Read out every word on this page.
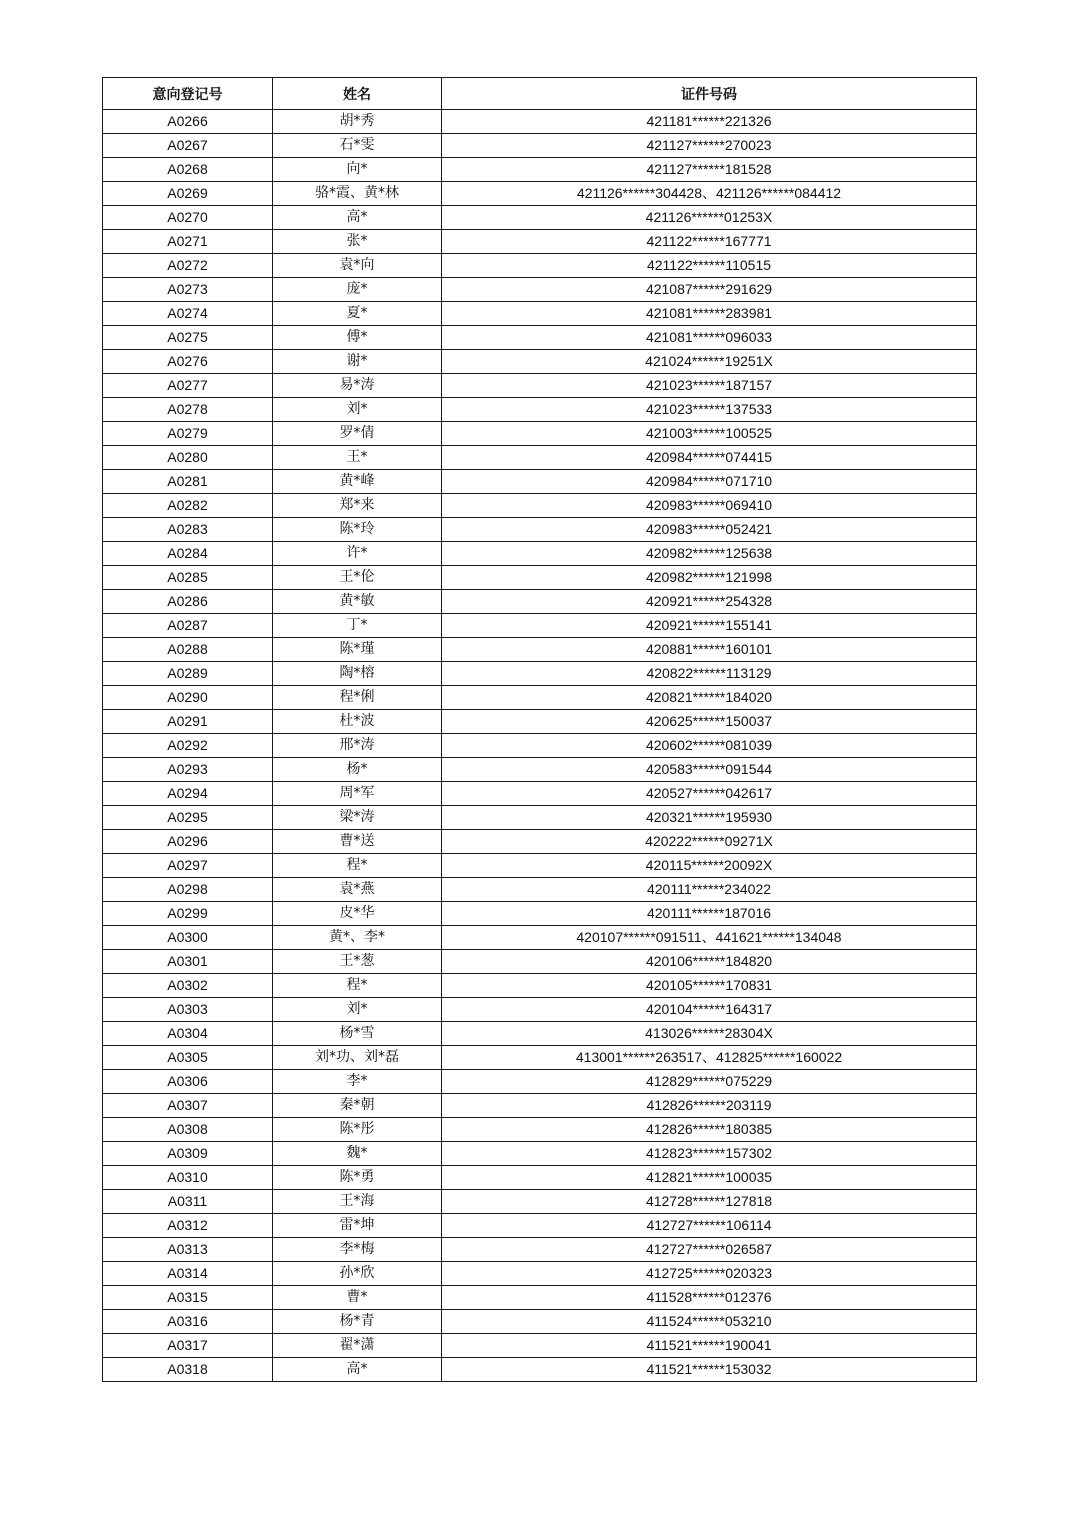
意向登记号	姓名	证件号码
A0266	胡*秀	421181******221326
A0267	石*雯	421127******270023
A0268	向*	421127******181528
A0269	骆*霞、黄*林	421126******304428、421126******084412
A0270	高*	421126******01253X
A0271	张*	421122******167771
A0272	袁*向	421122******110515
A0273	庞*	421087******291629
A0274	夏*	421081******283981
A0275	傅*	421081******096033
A0276	谢*	421024******19251X
A0277	易*涛	421023******187157
A0278	刘*	421023******137533
A0279	罗*倩	421003******100525
A0280	王*	420984******074415
A0281	黄*峰	420984******071710
A0282	郑*来	420983******069410
A0283	陈*玲	420983******052421
A0284	许*	420982******125638
A0285	王*伦	420982******121998
A0286	黄*敏	420921******254328
A0287	丁*	420921******155141
A0288	陈*瑾	420881******160101
A0289	陶*榕	420822******113129
A0290	程*俐	420821******184020
A0291	杜*波	420625******150037
A0292	邢*涛	420602******081039
A0293	杨*	420583******091544
A0294	周*军	420527******042617
A0295	梁*涛	420321******195930
A0296	曹*送	420222******09271X
A0297	程*	420115******20092X
A0298	袁*燕	420111******234022
A0299	皮*华	420111******187016
A0300	黄*、李*	420107******091511、441621******134048
A0301	王*葱	420106******184820
A0302	程*	420105******170831
A0303	刘*	420104******164317
A0304	杨*雪	413026******28304X
A0305	刘*功、刘*磊	413001******263517、412825******160022
A0306	李*	412829******075229
A0307	秦*朝	412826******203119
A0308	陈*彤	412826******180385
A0309	魏*	412823******157302
A0310	陈*勇	412821******100035
A0311	王*海	412728******127818
A0312	雷*坤	412727******106114
A0313	李*梅	412727******026587
A0314	孙*欣	412725******020323
A0315	曹*	411528******012376
A0316	杨*青	411524******053210
A0317	翟*潇	411521******190041
A0318	高*	411521******153032
